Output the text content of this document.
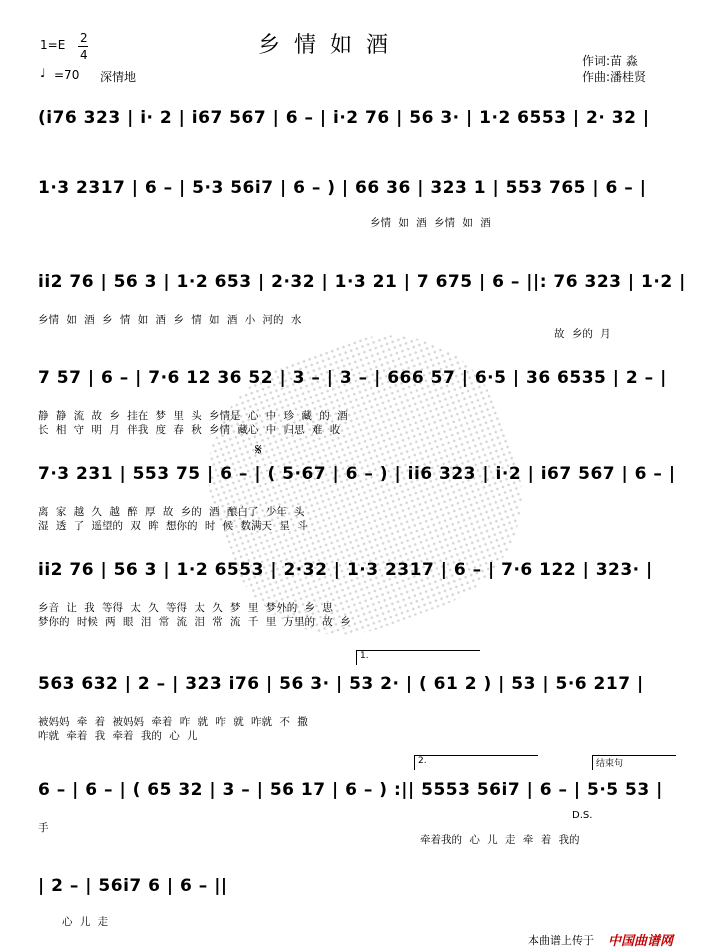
1=E 2
4
♩ =70 深情地
乡情如酒
作词:苗 淼
作曲:潘桂贤
(i76 323 | i· 2 | i67 567 | 6 – | i·2 76 | 56 3· | 1·2 6553 | 2· 32 |
1·3 2317 | 6 – | 5·3 56i7 | 6 – ) | 66 36 | 323 1 | 553 765 | 6 – |
乡情 如 酒 乡情 如 酒
ii2 76 | 56 3 | 1·2 653 | 2·32 | 1·3 21 | 7 675 | 6 – ||: 76 323 | 1·2 |
乡情 如 酒 乡 情 如 酒 乡 情 如 酒 小 河的 水
故 乡的 月
7 57 | 6 – | 7·6 12 36 52 | 3 – | 3 – | 666 57 | 6·5 | 36 6535 | 2 – |
静 静 流 故 乡 挂在 梦 里 头 乡情是 心 中 珍 藏 的 酒
长 相 守 明 月 伴我 度 春 秋 乡情 藏心 中 归思 难 收
𝄋
7·3 231 | 553 75 | 6 – | ( 5·67 | 6 – ) | ii6 323 | i·2 | i67 567 | 6 – |
离 家 越 久 越 醉 厚 故 乡的 酒 酿白了 少年 头
湿 透 了 遥望的 双 眸 想你的 时 候 数满天 星 斗
ii2 76 | 56 3 | 1·2 6553 | 2·32 | 1·3 2317 | 6 – | 7·6 122 | 323· |
乡音 让 我 等得 太 久 等得 太 久 梦 里 梦外的 乡 思
梦你的 时候 两 眼 泪 常 流 泪 常 流 千 里 万里的 故 乡
1.
563 632 | 2 – | 323 i76 | 56 3· | 53 2· | ( 61 2 ) | 53 | 5·6 217 |
被妈妈 牵 着 被妈妈 牵着 咋 就 咋 就 咋就 不 撒
咋就 牵着 我 牵着 我的 心 儿
2.	结束句
6 – | 6 – | ( 65 32 | 3 – | 56 17 | 6 – ) :|| 5553 56i7 | 6 – | 5·5 53 |
D.S.
手
牵着我的 心 儿 走 牵 着 我的
| 2 – | 56i7 6 | 6 – ||
心 儿 走
本曲谱上传于 中国曲谱网
